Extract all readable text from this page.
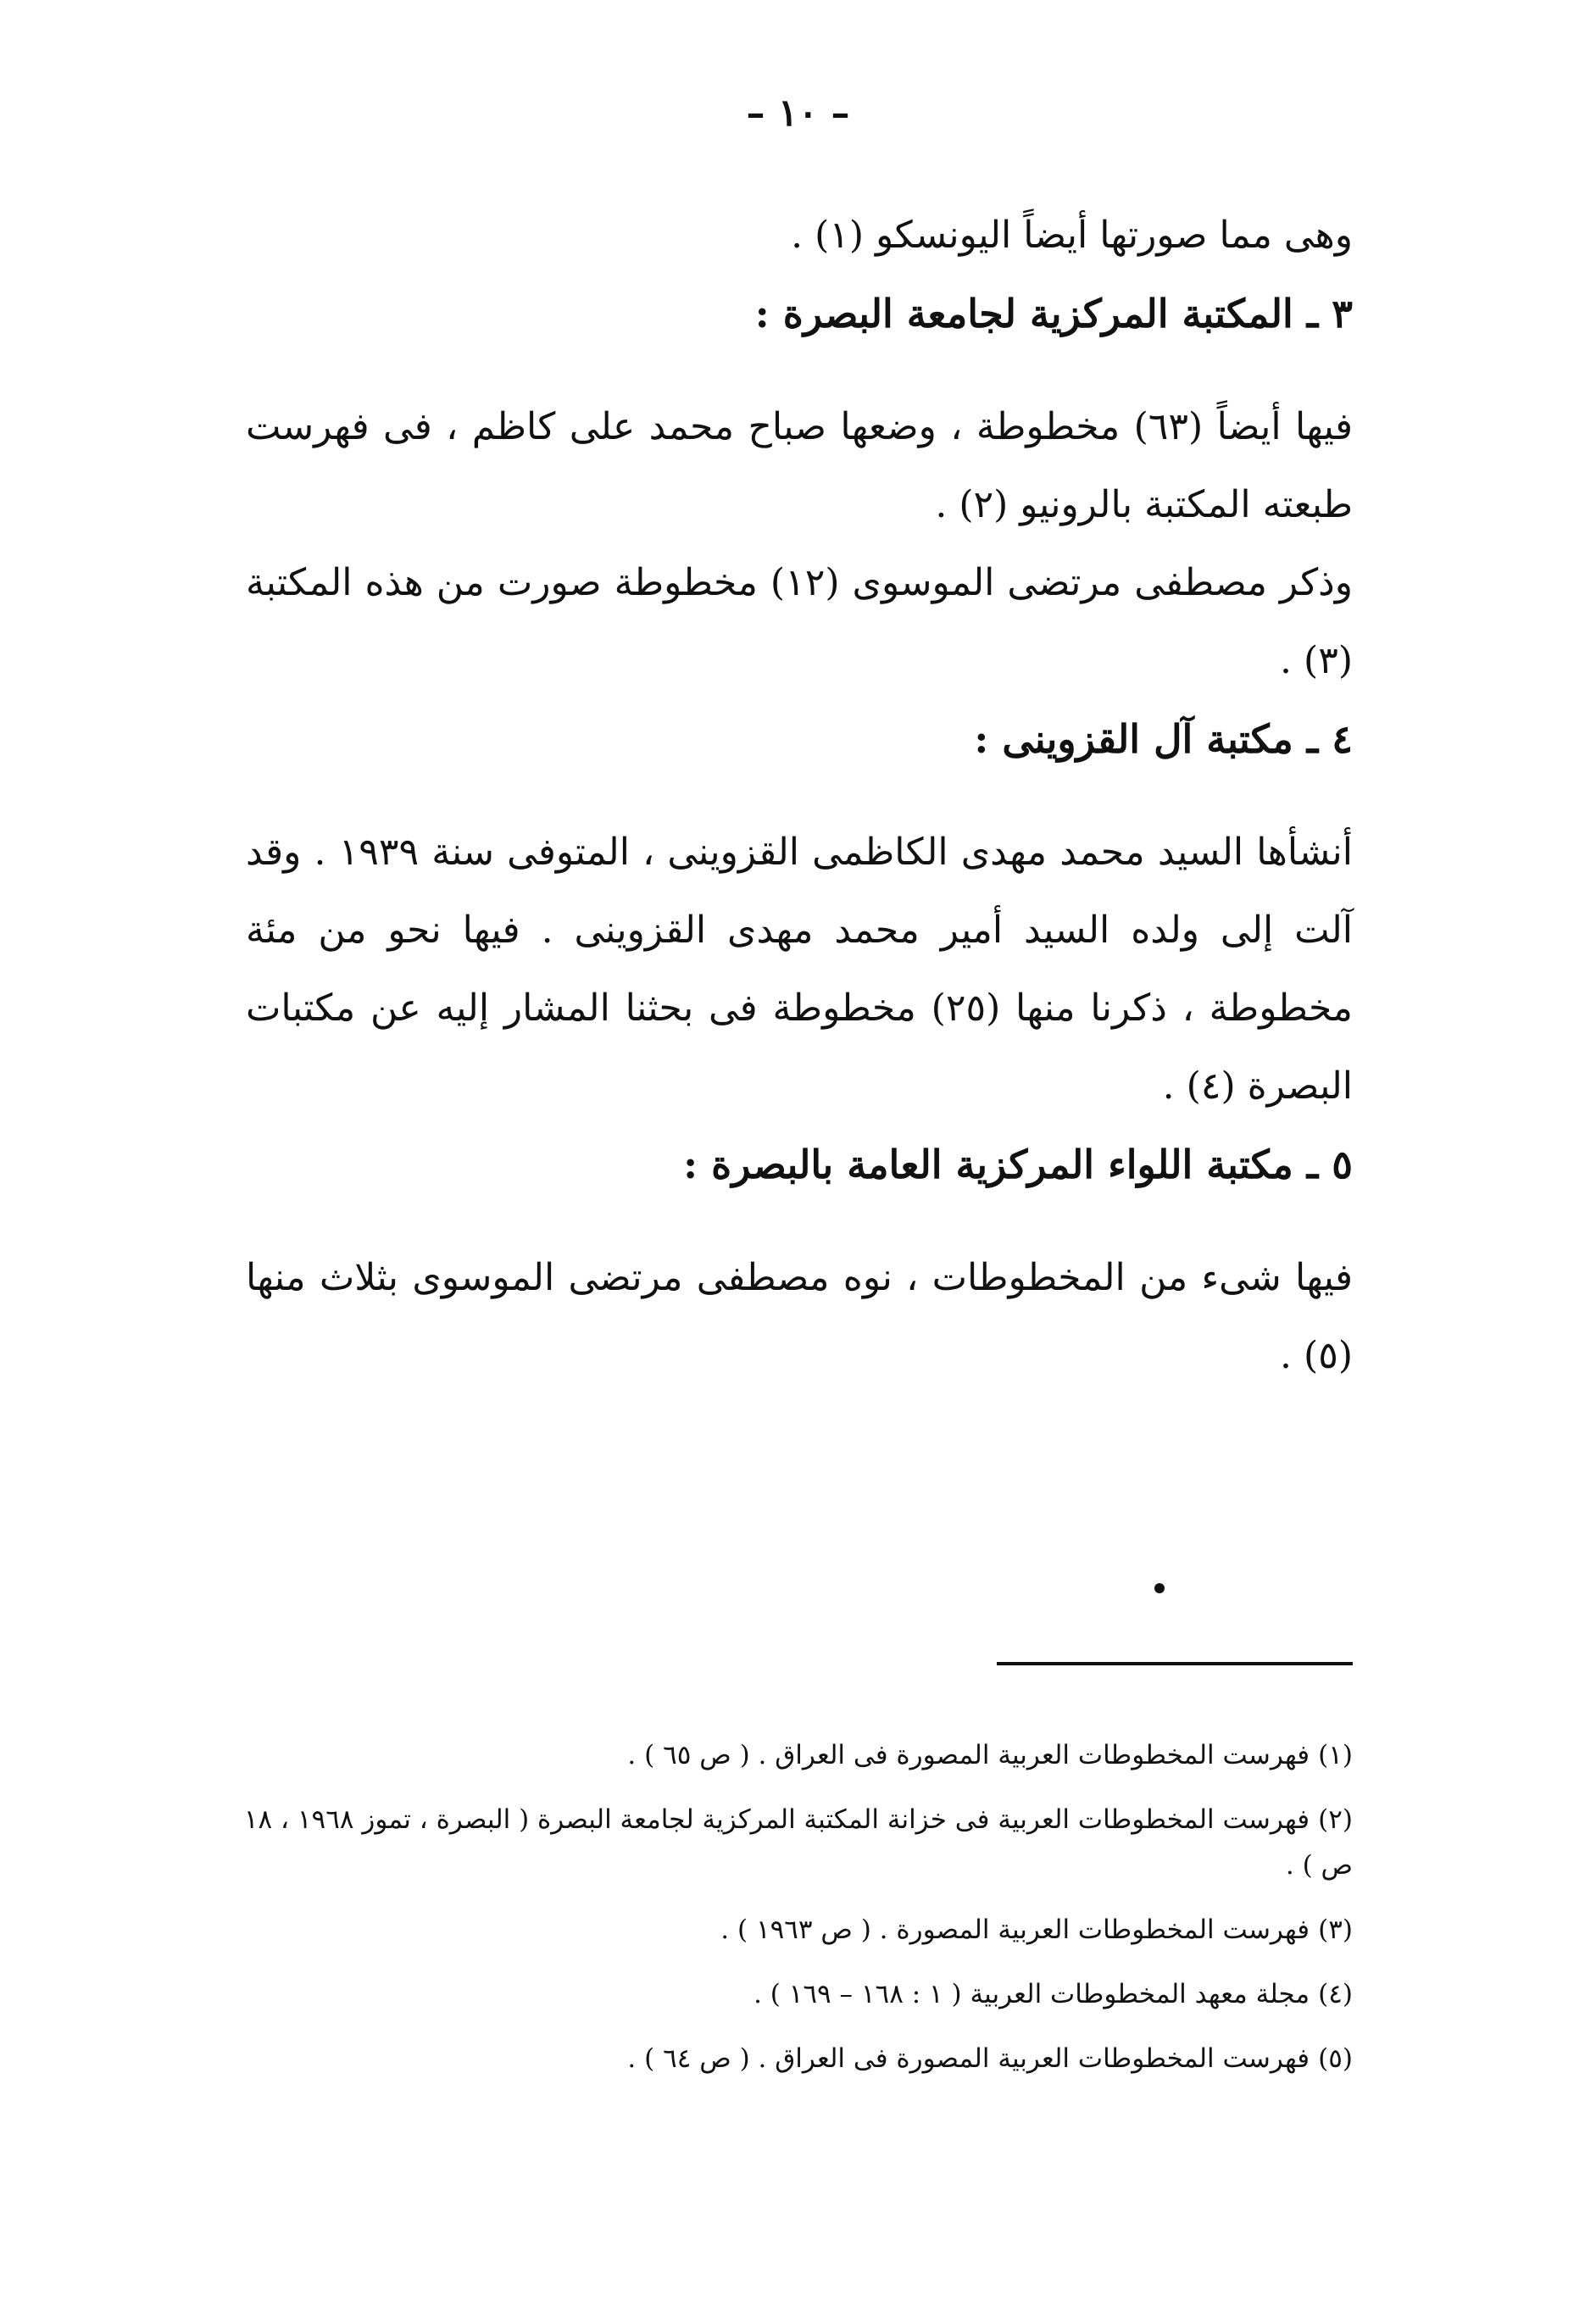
– ١٠ –

وهى مما صورتها أيضاً اليونسكو (١) .

٣ ـ المكتبة المركزية لجامعة البصرة :

فيها أيضاً (٦٣) مخطوطة ، وضعها صباح محمد على كاظم ، فى فهرست طبعته المكتبة بالرونيو (٢) .

وذكر مصطفى مرتضى الموسوى (١٢) مخطوطة صورت من هذه المكتبة (٣) .

٤ ـ مكتبة آل القزوينى :

أنشأها السيد محمد مهدى الكاظمى القزوينى ، المتوفى سنة ١٩٣٩ . وقد آلت إلى ولده السيد أمير محمد مهدى القزوينى . فيها نحو من مئة مخطوطة ، ذكرنا منها (٢٥) مخطوطة فى بحثنا المشار إليه عن مكتبات البصرة (٤) .

٥ ـ مكتبة اللواء المركزية العامة بالبصرة :

فيها شىء من المخطوطات ، نوه مصطفى مرتضى الموسوى بثلاث منها (٥) .

(١)فهرست المخطوطات العربية المصورة فى العراق . ( ص ٦٥ ) .

(٢)فهرست المخطوطات العربية فى خزانة المكتبة المركزية لجامعة البصرة ( البصرة ، تموز ١٩٦٨ ، ١٨ ص ) .

(٣)فهرست المخطوطات العربية المصورة . ( ص ١٩٦٣ ) .

(٤)مجلة معهد المخطوطات العربية ( ١ : ١٦٨ – ١٦٩ ) .

(٥)فهرست المخطوطات العربية المصورة فى العراق . ( ص ٦٤ ) .
